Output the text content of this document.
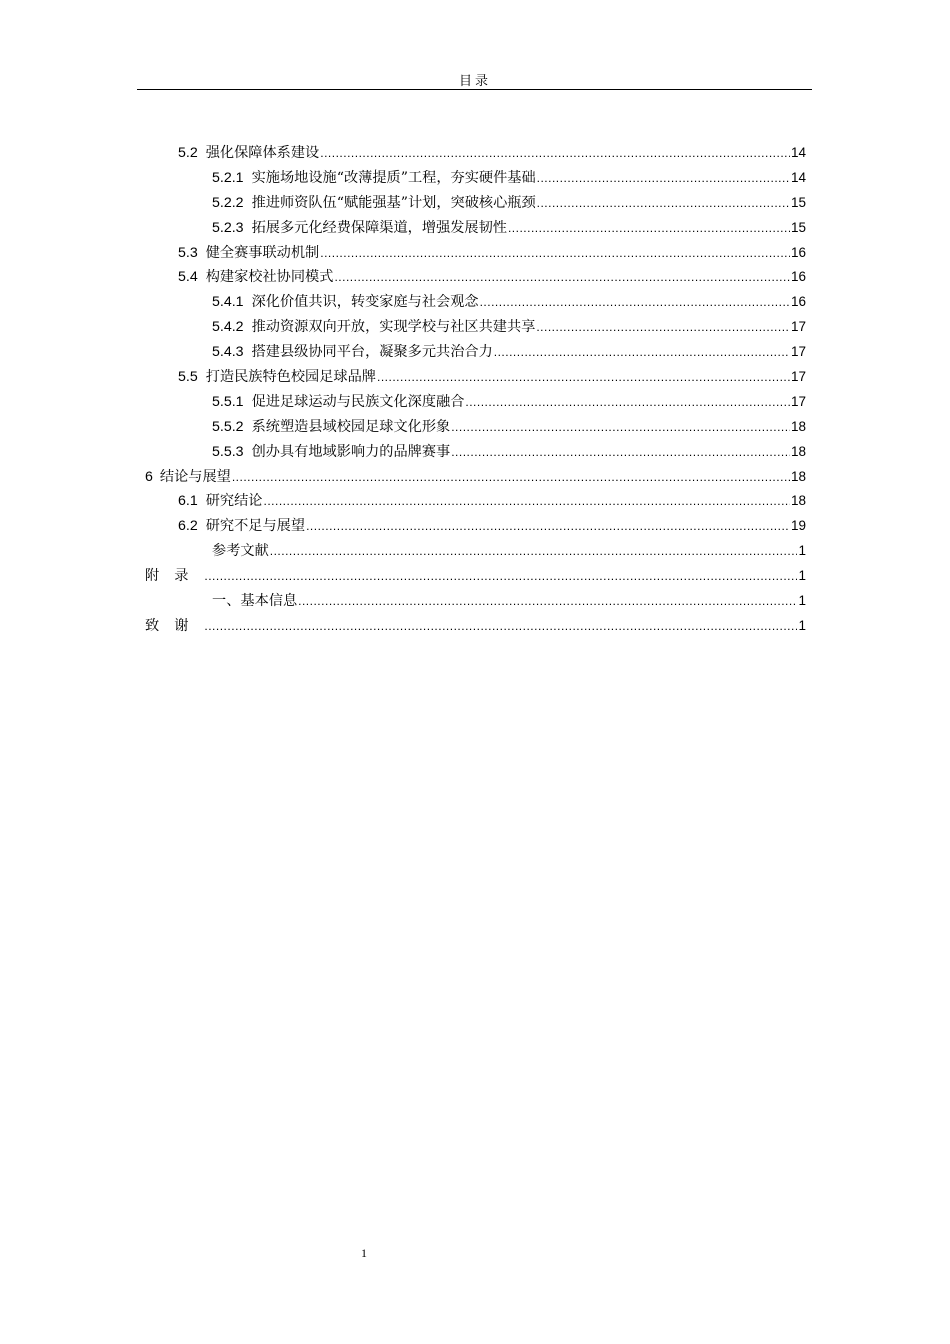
目录
5.2 强化保障体系建设 .....	14
5.2.1 实施场地设施“改薄提质”工程，夯实硬件基础 .....	14
5.2.2 推进师资队伍“赋能强基”计划，突破核心瓶颈 .....	15
5.2.3 拓展多元化经费保障渠道，增强发展韧性 .....	15
5.3 健全赛事联动机制 .....	16
5.4 构建家校社协同模式 .....	16
5.4.1 深化价值共识，转变家庭与社会观念 .....	16
5.4.2 推动资源双向开放，实现学校与社区共建共享 .....	17
5.4.3 搭建县级协同平台，凝聚多元共治合力 .....	17
5.5 打造民族特色校园足球品牌 .....	17
5.5.1 促进足球运动与民族文化深度融合 .....	17
5.5.2 系统塑造县域校园足球文化形象 .....	18
5.5.3 创办具有地域影响力的品牌赛事 .....	18
6 结论与展望 .....	18
6.1 研究结论 .....	18
6.2 研究不足与展望 .....	19
参考文献 .....	1
附录 .....	1
一、基本信息 .....	1
致谢 .....	1
1
